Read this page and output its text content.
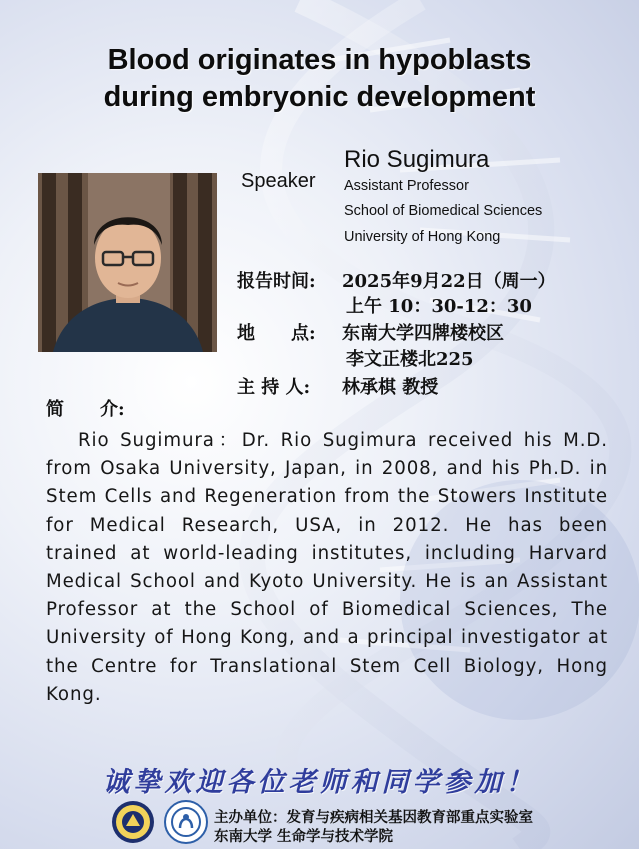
Blood originates in hypoblasts
during embryonic development
Speaker
Rio Sugimura
Assistant Professor
School of Biomedical Sciences
University of Hong Kong
报告时间: 2025年9月22日（周一）
上午 10：30-12：30
地　　点: 东南大学四牌楼校区
李文正楼北225
主 持 人: 林承棋 教授
简　　介:

Rio Sugimura：Dr. Rio Sugimura received his M.D. from Osaka University, Japan, in 2008, and his Ph.D. in Stem Cells and Regeneration from the Stowers Institute for Medical Research, USA, in 2012. He has been trained at world-leading institutes, including Harvard Medical School and Kyoto University. He is an Assistant Professor at the School of Biomedical Sciences, The University of Hong Kong, and a principal investigator at the Centre for Translational Stem Cell Biology, Hong Kong.

诚挚欢迎各位老师和同学参加！
主办单位：发育与疾病相关基因教育部重点实验室
东南大学 生命学与技术学院
